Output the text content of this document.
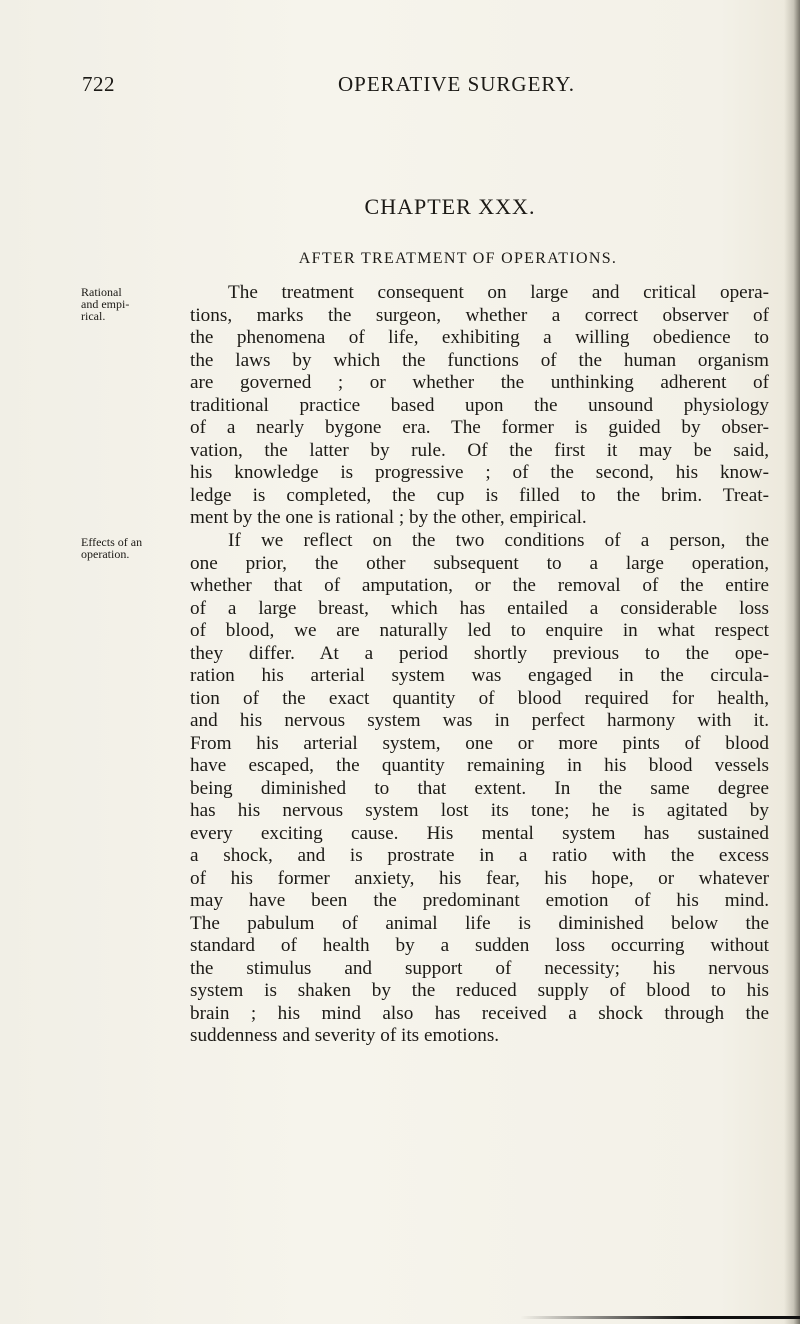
722	OPERATIVE SURGERY.
CHAPTER XXX.
AFTER TREATMENT OF OPERATIONS.
Rational
and empi-
rical.
Effects of an
operation.
The treatment consequent on large and critical opera-
tions, marks the surgeon, whether a correct observer of
the phenomena of life, exhibiting a willing obedience to
the laws by which the functions of the human organism
are governed ; or whether the unthinking adherent of
traditional practice based upon the unsound physiology
of a nearly bygone era. The former is guided by obser-
vation, the latter by rule. Of the first it may be said,
his knowledge is progressive ; of the second, his know-
ledge is completed, the cup is filled to the brim. Treat-
ment by the one is rational ; by the other, empirical.
If we reflect on the two conditions of a person, the
one prior, the other subsequent to a large operation,
whether that of amputation, or the removal of the entire
of a large breast, which has entailed a considerable loss
of blood, we are naturally led to enquire in what respect
they differ. At a period shortly previous to the ope-
ration his arterial system was engaged in the circula-
tion of the exact quantity of blood required for health,
and his nervous system was in perfect harmony with it.
From his arterial system, one or more pints of blood
have escaped, the quantity remaining in his blood vessels
being diminished to that extent. In the same degree
has his nervous system lost its tone; he is agitated by
every exciting cause. His mental system has sustained
a shock, and is prostrate in a ratio with the excess
of his former anxiety, his fear, his hope, or whatever
may have been the predominant emotion of his mind.
The pabulum of animal life is diminished below the
standard of health by a sudden loss occurring without
the stimulus and support of necessity; his nervous
system is shaken by the reduced supply of blood to his
brain ; his mind also has received a shock through the
suddenness and severity of its emotions.
